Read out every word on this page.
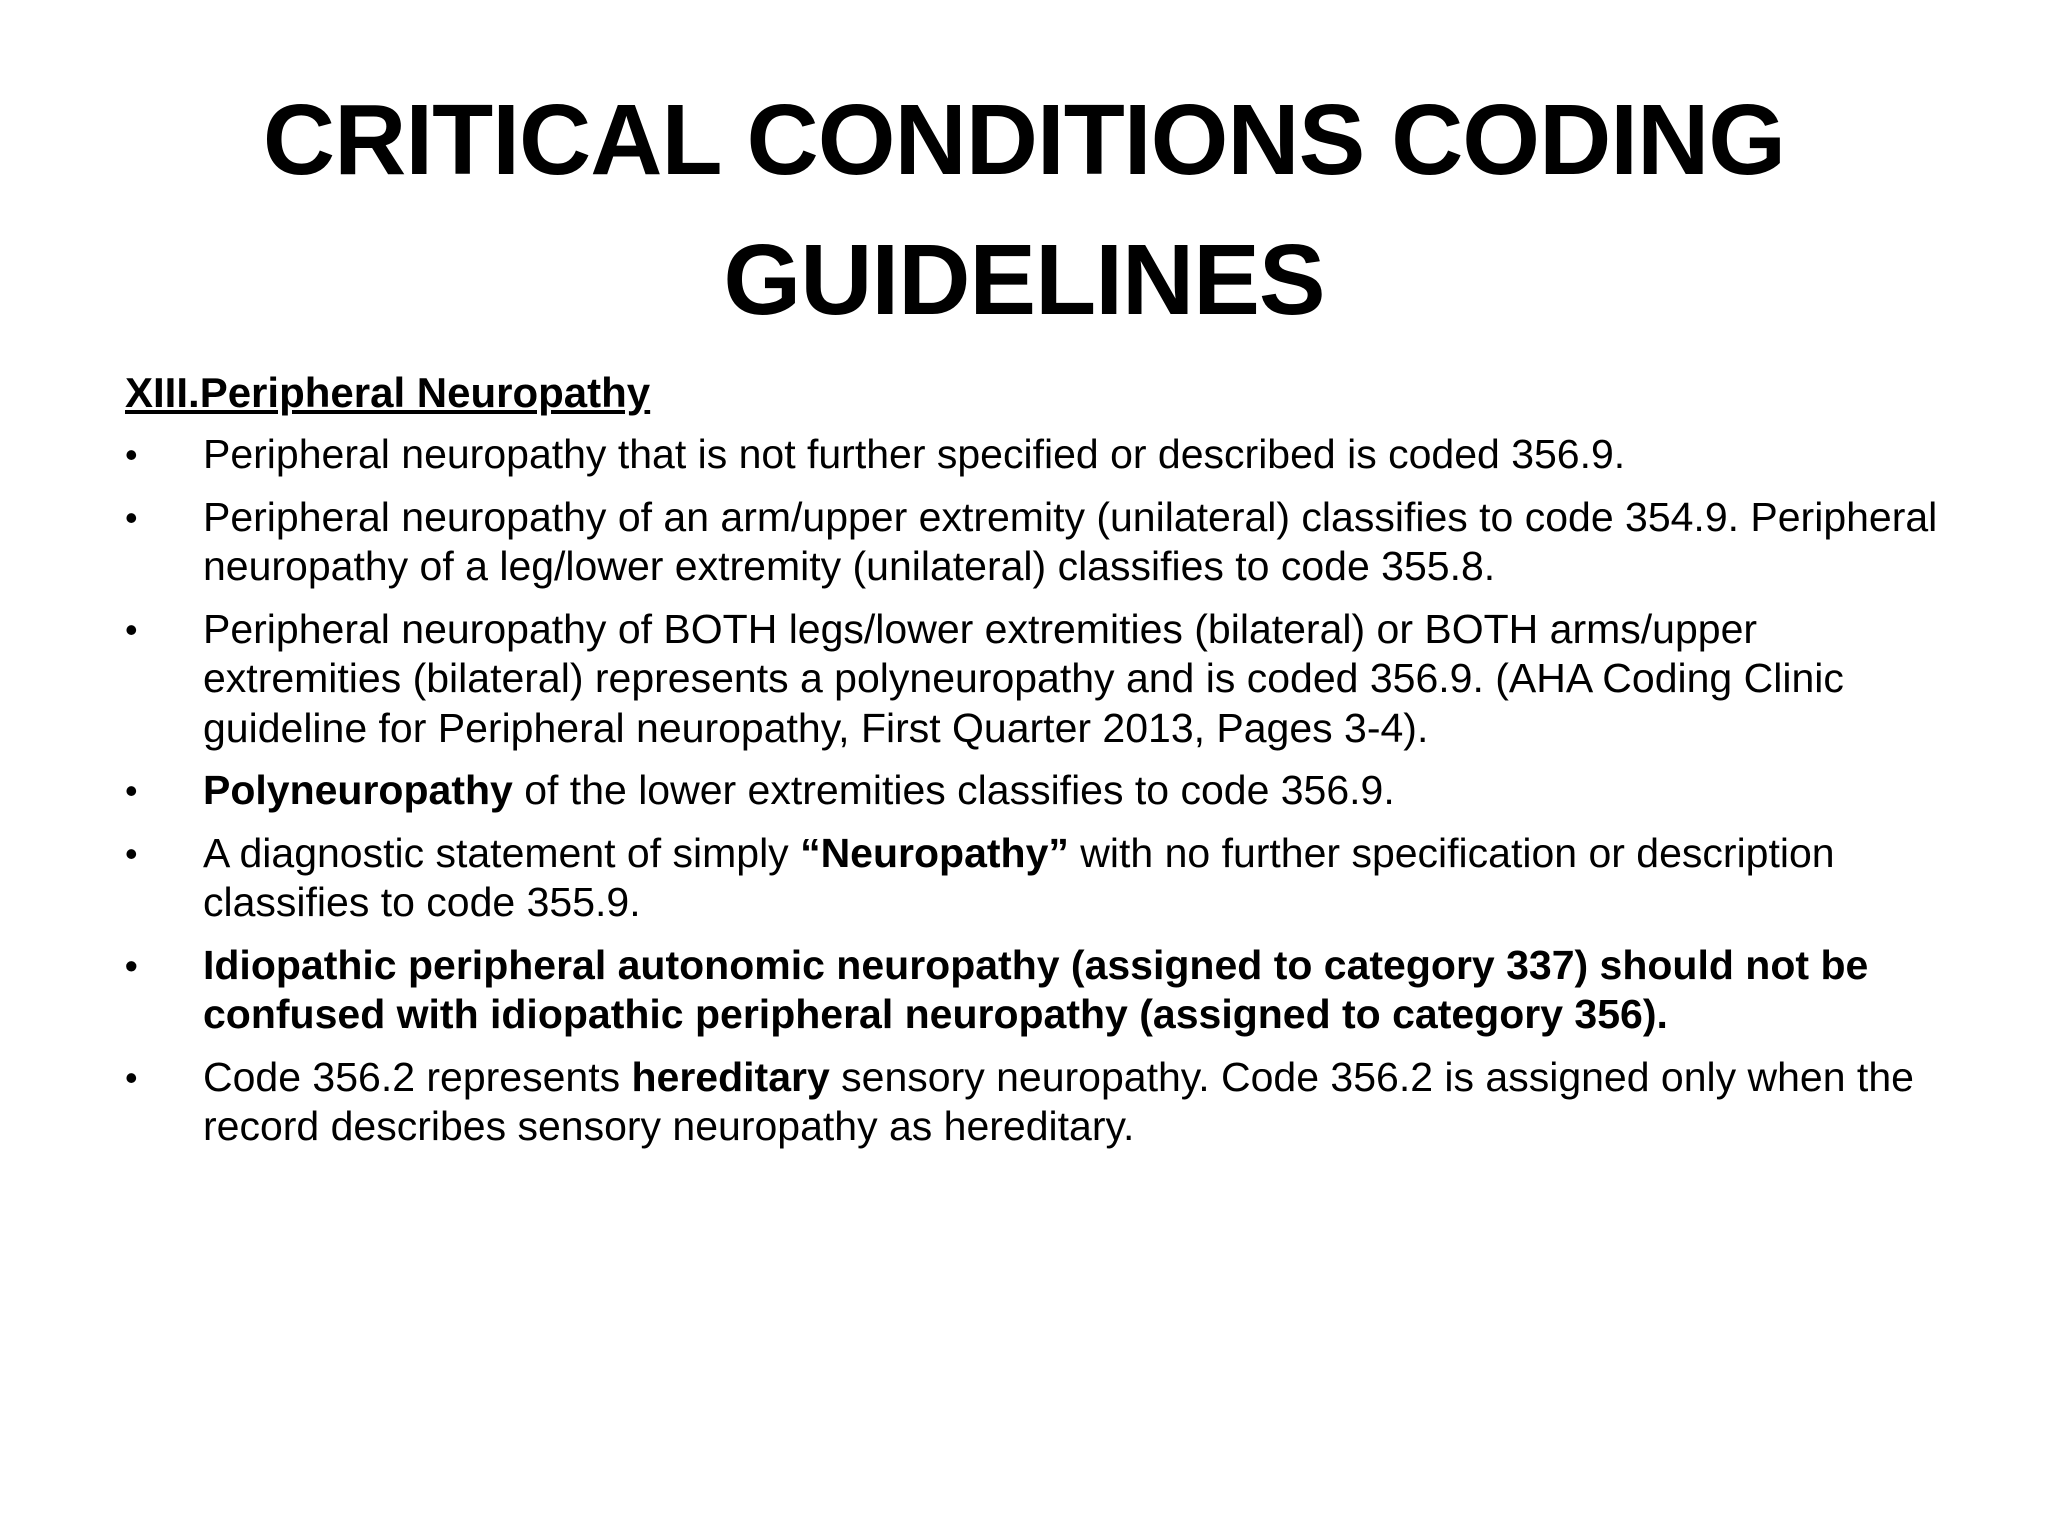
CRITICAL CONDITIONS CODING
GUIDELINES
XIII.Peripheral Neuropathy
•	Peripheral neuropathy that is not further specified or described is coded 356.9.
•	Peripheral neuropathy of an arm/upper extremity (unilateral) classifies to code 354.9. Peripheral neuropathy of a leg/lower extremity (unilateral) classifies to code 355.8.
•	Peripheral neuropathy of BOTH legs/lower extremities (bilateral) or BOTH arms/upper extremities (bilateral) represents a polyneuropathy and is coded 356.9. (AHA Coding Clinic guideline for Peripheral neuropathy, First Quarter 2013, Pages 3-4).
•	Polyneuropathy of the lower extremities classifies to code 356.9.
•	A diagnostic statement of simply “Neuropathy” with no further specification or description classifies to code 355.9.
•	Idiopathic peripheral autonomic neuropathy (assigned to category 337) should not be confused with idiopathic peripheral neuropathy (assigned to category 356).
•	Code 356.2 represents hereditary sensory neuropathy. Code 356.2 is assigned only when the record describes sensory neuropathy as hereditary.
